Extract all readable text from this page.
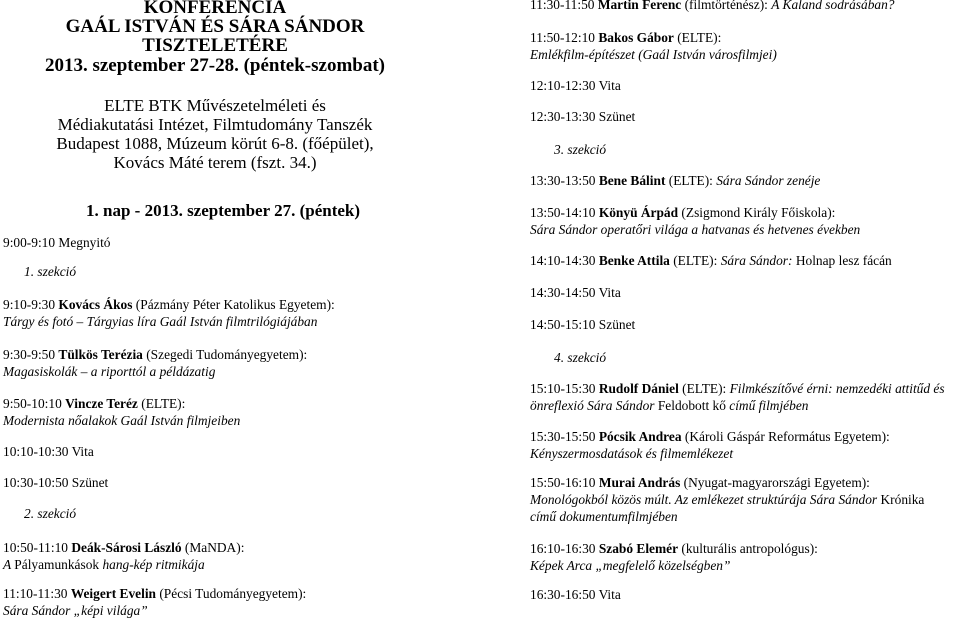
KONFERENCIA
GAÁL ISTVÁN ÉS SÁRA SÁNDOR TISZTELETÉRE
2013. szeptember 27-28. (péntek-szombat)
ELTE BTK Művészetelméleti és
Médiakutatási Intézet, Filmtudomány Tanszék
Budapest 1088, Múzeum körút 6-8. (főépület),
Kovács Máté terem (fszt. 34.)
1. nap - 2013. szeptember 27. (péntek)
9:00-9:10 Megnyitó
1. szekció
9:10-9:30 Kovács Ákos (Pázmány Péter Katolikus Egyetem):
Tárgy és fotó – Tárgyias líra Gaál István filmtrilógiájában
9:30-9:50 Tülkös Terézia (Szegedi Tudományegyetem):
Magasiskolák – a riporttól a példázatig
9:50-10:10 Vincze Teréz (ELTE):
Modernista nőalakok Gaál István filmjeiben
10:10-10:30 Vita
10:30-10:50 Szünet
2. szekció
10:50-11:10 Deák-Sárosi László (MaNDA):
A Pályamunkások hang-kép ritmikája
11:10-11:30 Weigert Evelin (Pécsi Tudományegyetem):
Sára Sándor „képi világa”
11:30-11:50 Martin Ferenc (filmtörténész): A Kaland sodrásában?
11:50-12:10 Bakos Gábor (ELTE):
Emlékfilm-építészet (Gaál István városfilmjei)
12:10-12:30 Vita
12:30-13:30 Szünet
3. szekció
13:30-13:50 Bene Bálint (ELTE): Sára Sándor zenéje
13:50-14:10 Könyü Árpád (Zsigmond Király Főiskola):
Sára Sándor operatőri világa a hatvanas és hetvenes években
14:10-14:30 Benke Attila (ELTE): Sára Sándor: Holnap lesz fácán
14:30-14:50 Vita
14:50-15:10 Szünet
4. szekció
15:10-15:30 Rudolf Dániel (ELTE): Filmkészítővé érni: nemzedéki attitűd és
önreflexió Sára Sándor Feldobott kő című filmjében
15:30-15:50 Pócsik Andrea (Károli Gáspár Református Egyetem):
Kényszermosdatások és filmemlékezet
15:50-16:10 Murai András (Nyugat-magyarországi Egyetem):
Monológokból közös múlt. Az emlékezet struktúrája Sára Sándor Krónika
című dokumentumfilmjében
16:10-16:30 Szabó Elemér (kulturális antropológus):
Képek Arca „megfelelő közelségben”
16:30-16:50 Vita
